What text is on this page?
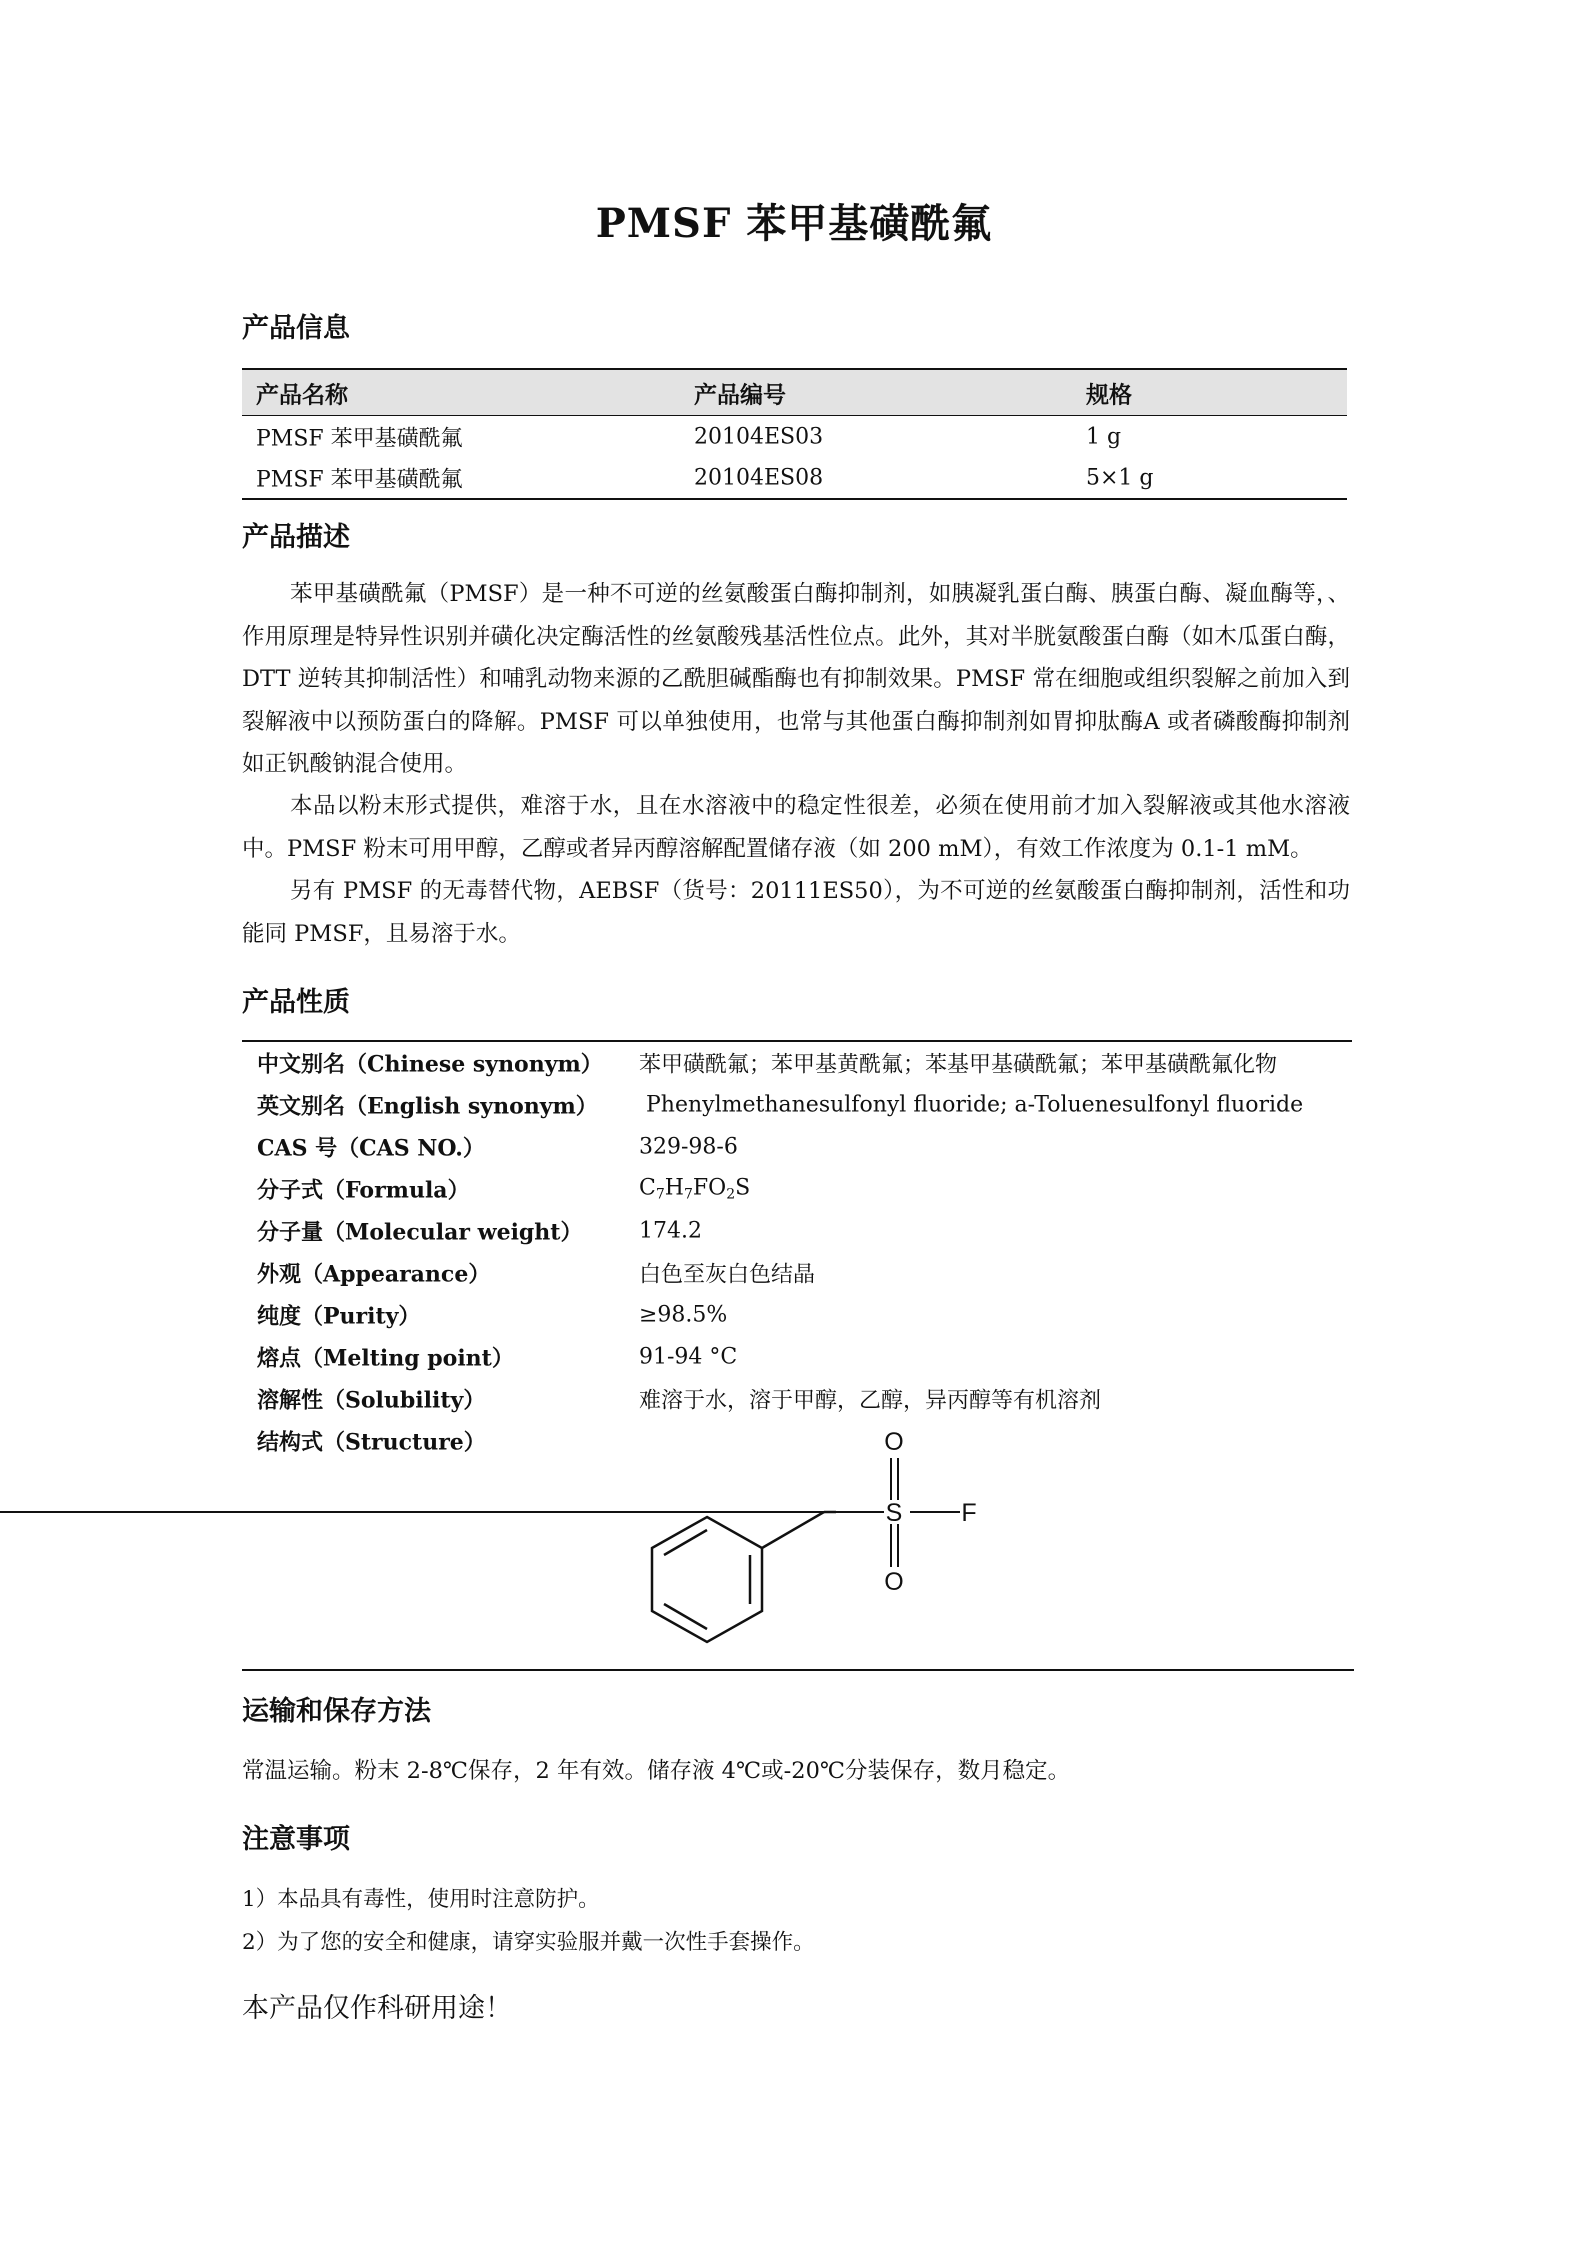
PMSF 苯甲基磺酰氟
产品信息
产品名称	产品编号	规格
PMSF 苯甲基磺酰氟	20104ES03	1 g
PMSF 苯甲基磺酰氟	20104ES08	5×1 g
产品描述
苯甲基磺酰氟（PMSF）是一种不可逆的丝氨酸蛋白酶抑制剂，如胰凝乳蛋白酶、胰蛋白酶、凝血酶等，、作用原理是特异性识别并磺化决定酶活性的丝氨酸残基活性位点。此外，其对半胱氨酸蛋白酶（如木瓜蛋白酶，DTT 逆转其抑制活性）和哺乳动物来源的乙酰胆碱酯酶也有抑制效果。PMSF 常在细胞或组织裂解之前加入到裂解液中以预防蛋白的降解。PMSF 可以单独使用，也常与其他蛋白酶抑制剂如胃抑肽酶A 或者磷酸酶抑制剂如正钒酸钠混合使用。
本品以粉末形式提供，难溶于水，且在水溶液中的稳定性很差，必须在使用前才加入裂解液或其他水溶液中。PMSF 粉末可用甲醇，乙醇或者异丙醇溶解配置储存液（如 200 mM），有效工作浓度为 0.1-1 mM。
另有 PMSF 的无毒替代物，AEBSF（货号：20111ES50），为不可逆的丝氨酸蛋白酶抑制剂，活性和功能同 PMSF，且易溶于水。
产品性质
中文别名（Chinese synonym） 苯甲磺酰氟；苯甲基黄酰氟；苯基甲基磺酰氟；苯甲基磺酰氟化物
英文别名（English synonym） Phenylmethanesulfonyl fluoride; a-Toluenesulfonyl fluoride
CAS 号（CAS NO.）	329-98-6
分子式（Formula）	C7H7FO2S
分子量（Molecular weight）	174.2
外观（Appearance）	白色至灰白色结晶
纯度（Purity）	≥98.5%
熔点（Melting point）	91-94 °C
溶解性（Solubility）	难溶于水，溶于甲醇，乙醇，异丙醇等有机溶剂
结构式（Structure）	O
S F
O
运输和保存方法
常温运输。粉末 2-8℃保存，2 年有效。储存液 4℃或-20℃分装保存，数月稳定。
注意事项
1）本品具有毒性，使用时注意防护。
2）为了您的安全和健康，请穿实验服并戴一次性手套操作。
本产品仅作科研用途！
